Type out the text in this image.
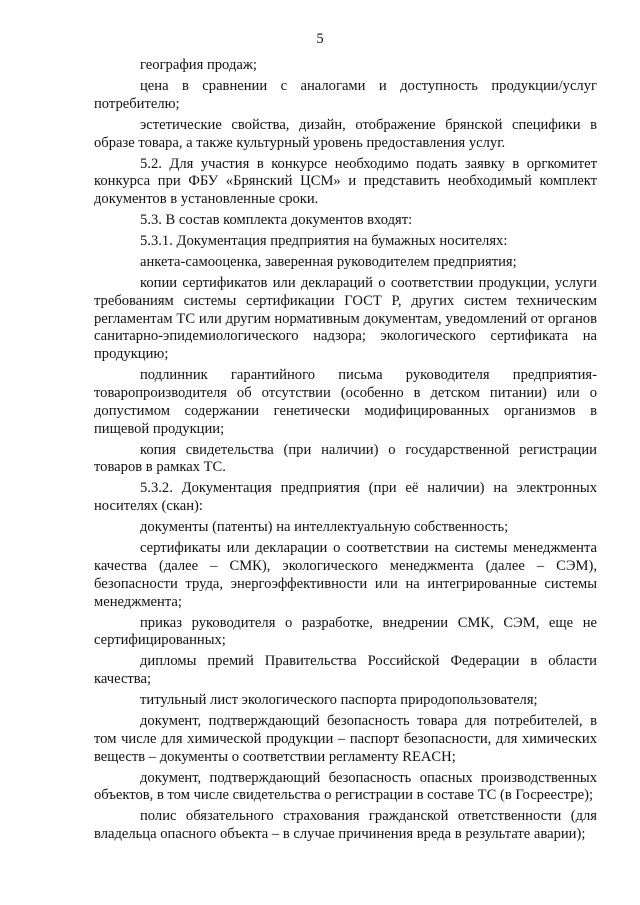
5

география продаж;

цена в сравнении с аналогами и доступность продукции/услуг потребителю;

эстетические свойства, дизайн, отображение брянской специфики в образе товара, а также культурный уровень предоставления услуг.

5.2. Для участия в конкурсе необходимо подать заявку в оргкомитет конкурса при ФБУ «Брянский ЦСМ» и представить необходимый комплект документов в установленные сроки.

5.3. В состав комплекта документов входят:

5.3.1. Документация предприятия на бумажных носителях:

анкета-самооценка, заверенная руководителем предприятия;

копии сертификатов или деклараций о соответствии продукции, услуги требованиям системы сертификации ГОСТ Р, других систем техническим регламентам ТС или другим нормативным документам, уведомлений от органов санитарно-эпидемиологического надзора; экологического сертификата на продукцию;

подлинник гарантийного письма руководителя предприятия-товаропроизводителя об отсутствии (особенно в детском питании) или о допустимом содержании генетически модифицированных организмов в пищевой продукции;

копия свидетельства (при наличии) о государственной регистрации товаров в рамках ТС.

5.3.2. Документация предприятия (при её наличии) на электронных носителях (скан):

документы (патенты) на интеллектуальную собственность;

сертификаты или декларации о соответствии на системы менеджмента качества (далее – СМК), экологического менеджмента (далее – СЭМ), безопасности труда, энергоэффективности или на интегрированные системы менеджмента;

приказ руководителя о разработке, внедрении СМК, СЭМ, еще не сертифицированных;

дипломы премий Правительства Российской Федерации в области качества;

титульный лист экологического паспорта природопользователя;

документ, подтверждающий безопасность товара для потребителей, в том числе для химической продукции – паспорт безопасности, для химических веществ – документы о соответствии регламенту REACH;

документ, подтверждающий безопасность опасных производственных объектов, в том числе свидетельства о регистрации в составе ТС (в Госреестре);

полис обязательного страхования гражданской ответственности (для владельца опасного объекта – в случае причинения вреда в результате аварии);
